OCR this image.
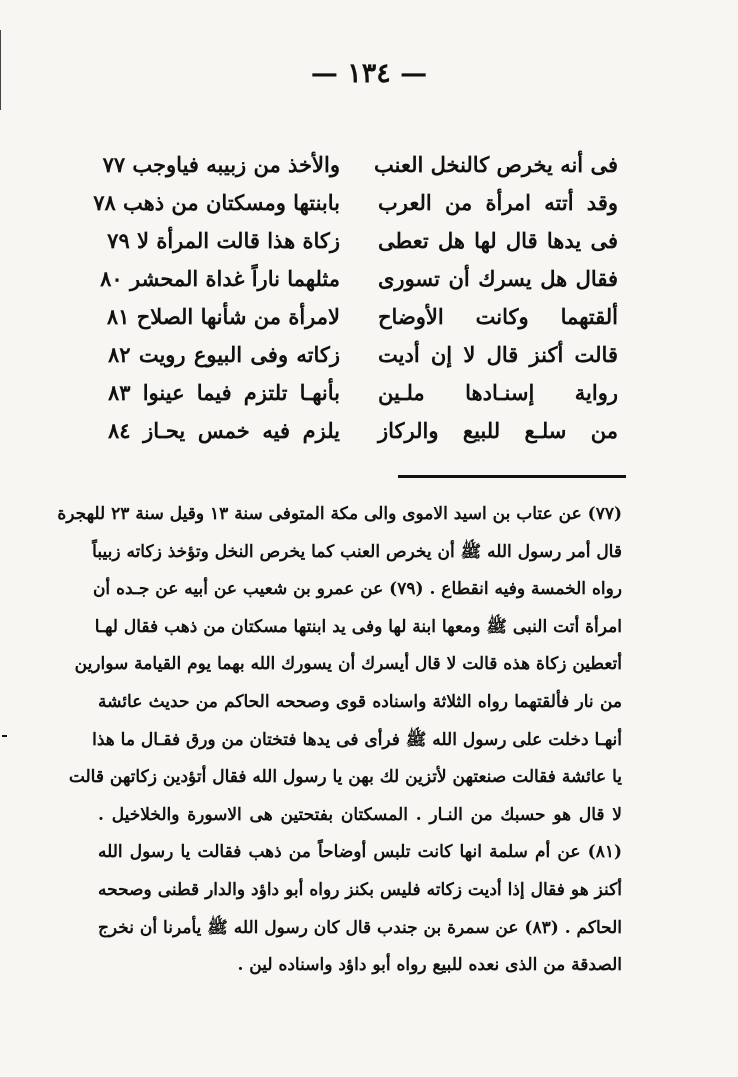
— ١٣٤ —
فى أنه يخرص كالنخل العنب
والأخذ من زبيبه فياوجب ٧٧
وقد أتته امرأة من العرب
بابنتها ومسكتان من ذهب ٧٨
فى يدها قال لها هل تعطى
زكاة هذا قالت المرأة لا ٧٩
فقال هل يسرك أن تسورى
مثلهما ناراً غداة المحشر ٨٠
ألقتهما وكانت الأوضاح
لامرأة من شأنها الصلاح ٨١
قالت أكنز قال لا إن أديت
زكاته وفى البيوع رويت ٨٢
رواية إسنـادها ملـين
بأنهـا تلتزم فيما عينوا ٨٣
من سلـع للبيع والركاز
يلزم فيه خمس يحـاز ٨٤
(٧٧) عن عتاب بن اسيد الاموى والى مكة المتوفى سنة ١٣ وقيل سنة ٢٣ للهجرة
قال أمر رسول الله ﷺ أن يخرص العنب كما يخرص النخل وتؤخذ زكاته زبيباً
رواه الخمسة وفيه انقطاع . (٧٩) عن عمرو بن شعيب عن أبيه عن جـده أن
امرأة أتت النبى ﷺ ومعها ابنة لها وفى يد ابنتها مسكتان من ذهب فقال لهـا
أتعطين زكاة هذه قالت لا قال أيسرك أن يسورك الله بهما يوم القيامة سوارين
من نار فألقتهما رواه الثلاثة واسناده قوى وصححه الحاكم من حديث عائشة
أنهـا دخلت على رسول الله ﷺ فرأى فى يدها فتختان من ورق فقـال ما هذا
يا عائشة فقالت صنعتهن لأتزين لك بهن يا رسول الله فقال أتؤدين زكاتهن قالت
لا قال هو حسبك من النـار . المسكتان بفتحتين هى الاسورة والخلاخيل .
(٨١) عن أم سلمة انها كانت تلبس أوضاحاً من ذهب فقالت يا رسول الله
أكنز هو فقال إذا أديت زكاته فليس بكنز رواه أبو داؤد والدار قطنى وصححه
الحاكم . (٨٣) عن سمرة بن جندب قال كان رسول الله ﷺ يأمرنا أن نخرج
الصدقة من الذى نعده للبيع رواه أبو داؤد واسناده لين .
